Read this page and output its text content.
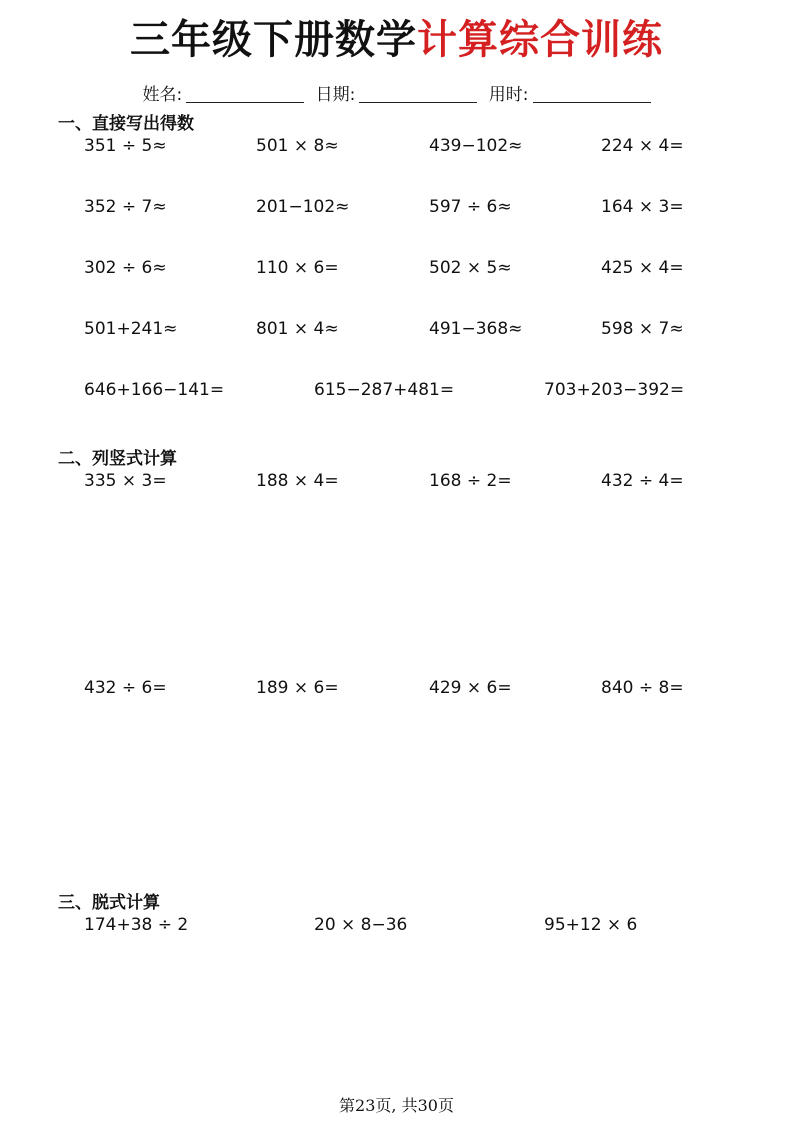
三年级下册数学计算综合训练
姓名:	日期:	用时:
一、直接写出得数
351 ÷ 5≈	501 × 8≈	439−102≈	224 × 4=
352 ÷ 7≈	201−102≈	597 ÷ 6≈	164 × 3=
302 ÷ 6≈	110 × 6=	502 × 5≈	425 × 4=
501+241≈	801 × 4≈	491−368≈	598 × 7≈
646+166−141=	615−287+481=	703+203−392=
二、列竖式计算
335 × 3=	188 × 4=	168 ÷ 2=	432 ÷ 4=
432 ÷ 6=	189 × 6=	429 × 6=	840 ÷ 8=
三、脱式计算
174+38 ÷ 2	20 × 8−36	95+12 × 6
第23页, 共30页
